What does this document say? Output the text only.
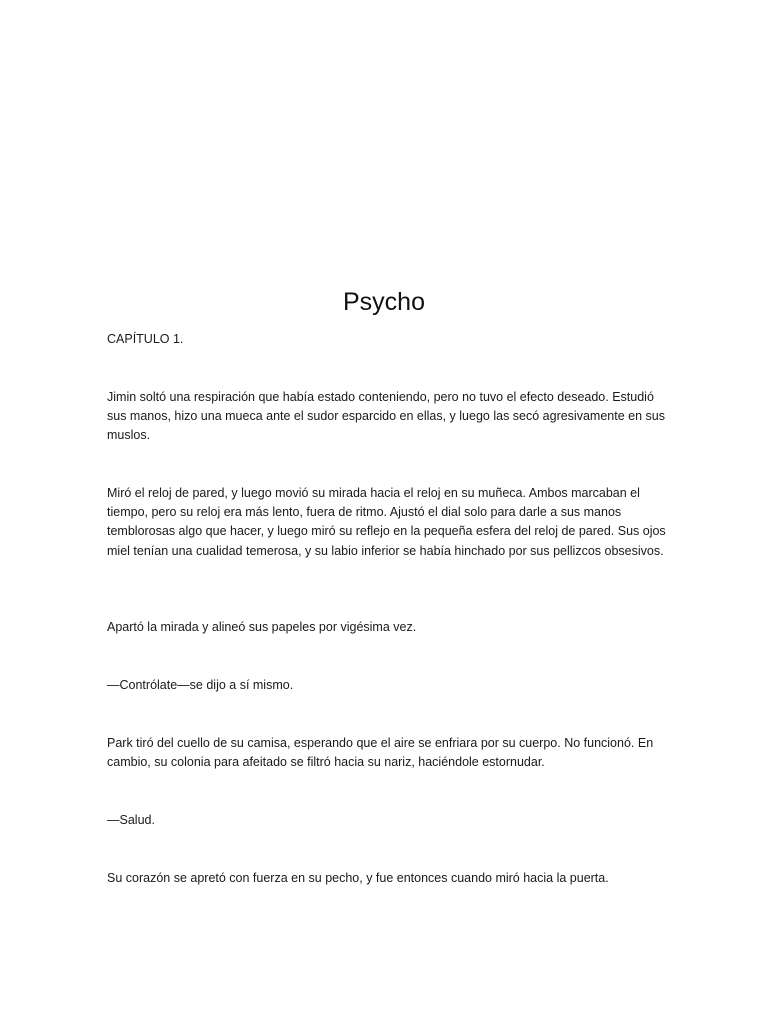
Psycho
CAPÍTULO 1.

Jimin soltó una respiración que había estado conteniendo, pero no tuvo el efecto deseado. Estudió sus manos, hizo una mueca ante el sudor esparcido en ellas, y luego las secó agresivamente en sus muslos.

Miró el reloj de pared, y luego movió su mirada hacia el reloj en su muñeca. Ambos marcaban el tiempo, pero su reloj era más lento, fuera de ritmo. Ajustó el dial solo para darle a sus manos temblorosas algo que hacer, y luego miró su reflejo en la pequeña esfera del reloj de pared. Sus ojos miel tenían una cualidad temerosa, y su labio inferior se había hinchado por sus pellizcos obsesivos.

Apartó la mirada y alineó sus papeles por vigésima vez.

—Contrólate—se dijo a sí mismo.

Park tiró del cuello de su camisa, esperando que el aire se enfriara por su cuerpo. No funcionó. En cambio, su colonia para afeitado se filtró hacia su nariz, haciéndole estornudar.

—Salud.

Su corazón se apretó con fuerza en su pecho, y fue entonces cuando miró hacia la puerta.
